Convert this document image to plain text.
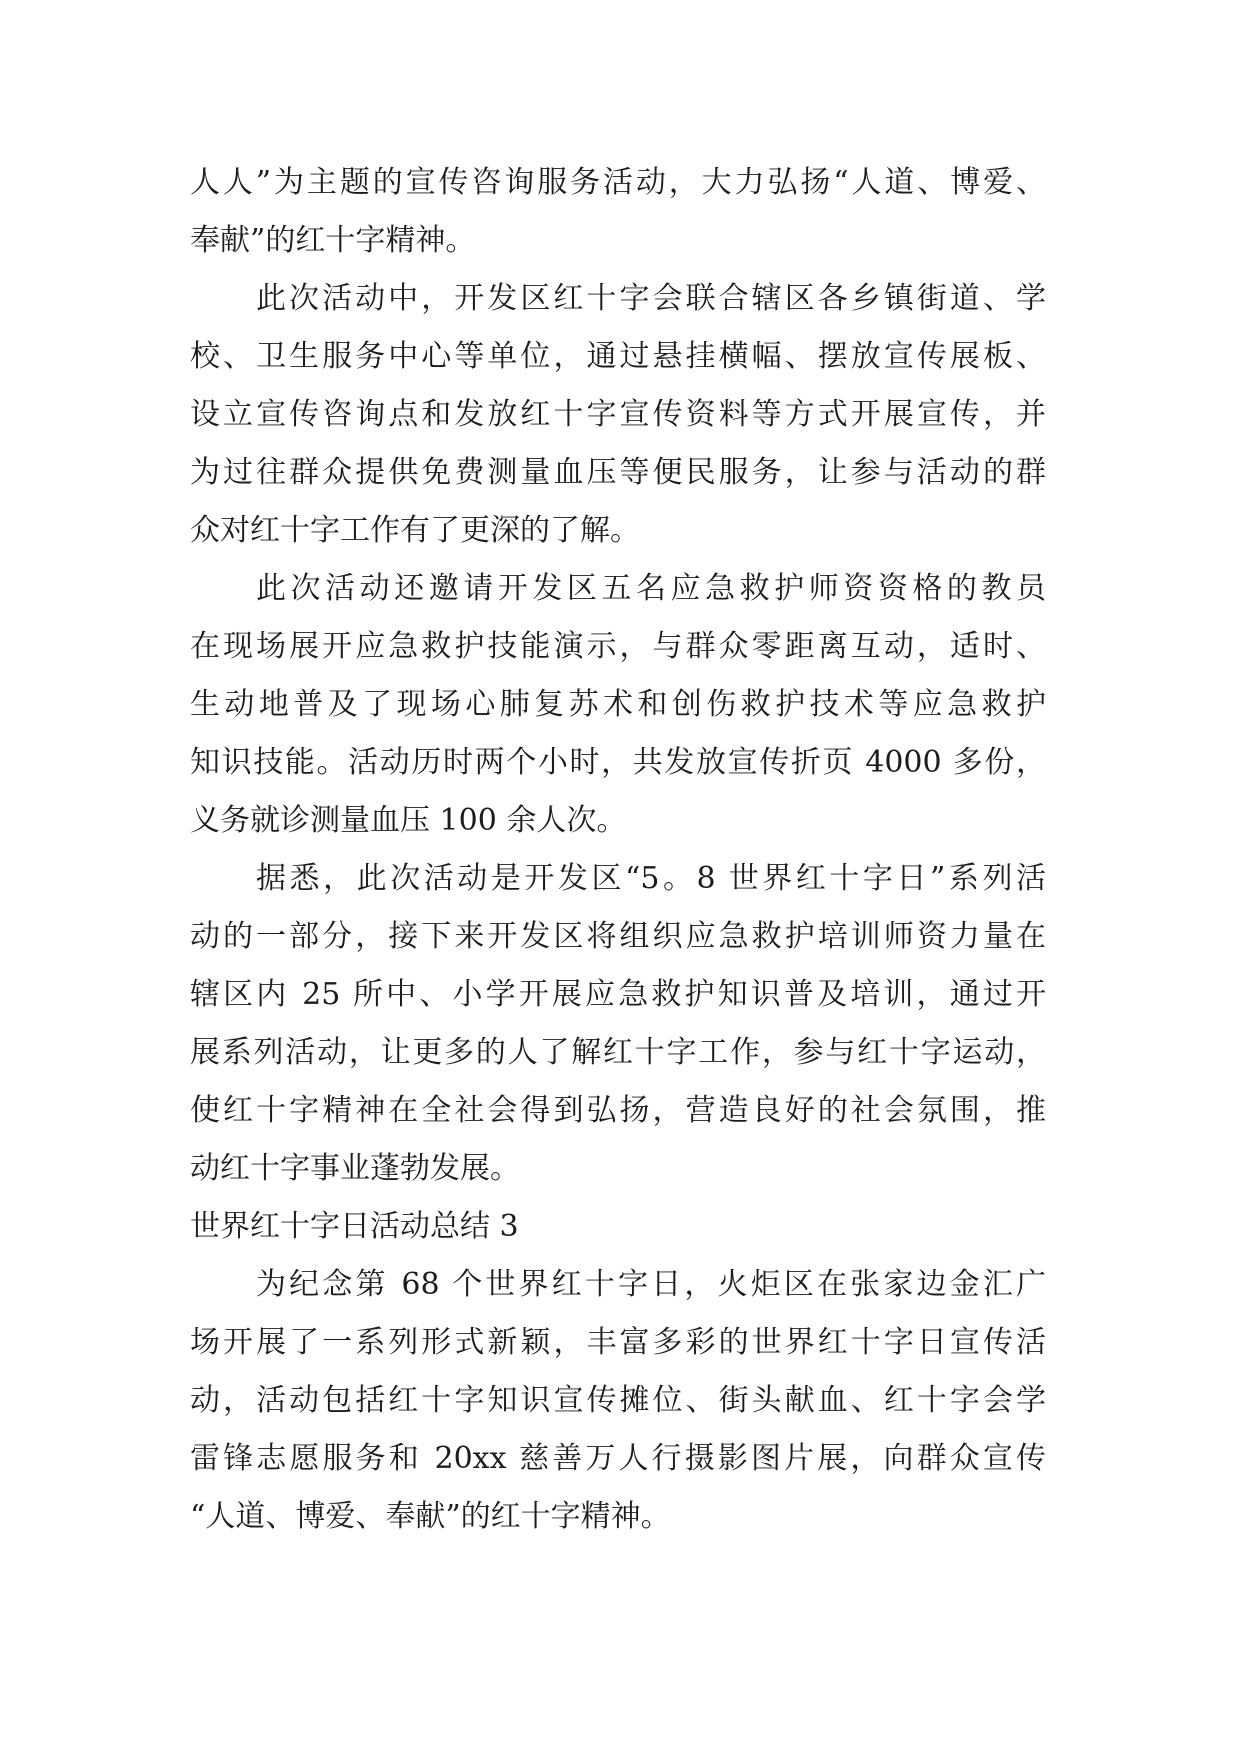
人人”为主题的宣传咨询服务活动，大力弘扬“人道、博爱、
奉献”的红十字精神。
此次活动中，开发区红十字会联合辖区各乡镇街道、学
校、卫生服务中心等单位，通过悬挂横幅、摆放宣传展板、
设立宣传咨询点和发放红十字宣传资料等方式开展宣传，并
为过往群众提供免费测量血压等便民服务，让参与活动的群
众对红十字工作有了更深的了解。
此次活动还邀请开发区五名应急救护师资资格的教员
在现场展开应急救护技能演示，与群众零距离互动，适时、
生动地普及了现场心肺复苏术和创伤救护技术等应急救护
知识技能。活动历时两个小时，共发放宣传折页 4000 多份，
义务就诊测量血压 100 余人次。
据悉，此次活动是开发区“5。8 世界红十字日”系列活
动的一部分，接下来开发区将组织应急救护培训师资力量在
辖区内 25 所中、小学开展应急救护知识普及培训，通过开
展系列活动，让更多的人了解红十字工作，参与红十字运动，
使红十字精神在全社会得到弘扬，营造良好的社会氛围，推
动红十字事业蓬勃发展。
世界红十字日活动总结 3
为纪念第 68 个世界红十字日，火炬区在张家边金汇广
场开展了一系列形式新颖，丰富多彩的世界红十字日宣传活
动，活动包括红十字知识宣传摊位、街头献血、红十字会学
雷锋志愿服务和 20xx 慈善万人行摄影图片展，向群众宣传
“人道、博爱、奉献”的红十字精神。
